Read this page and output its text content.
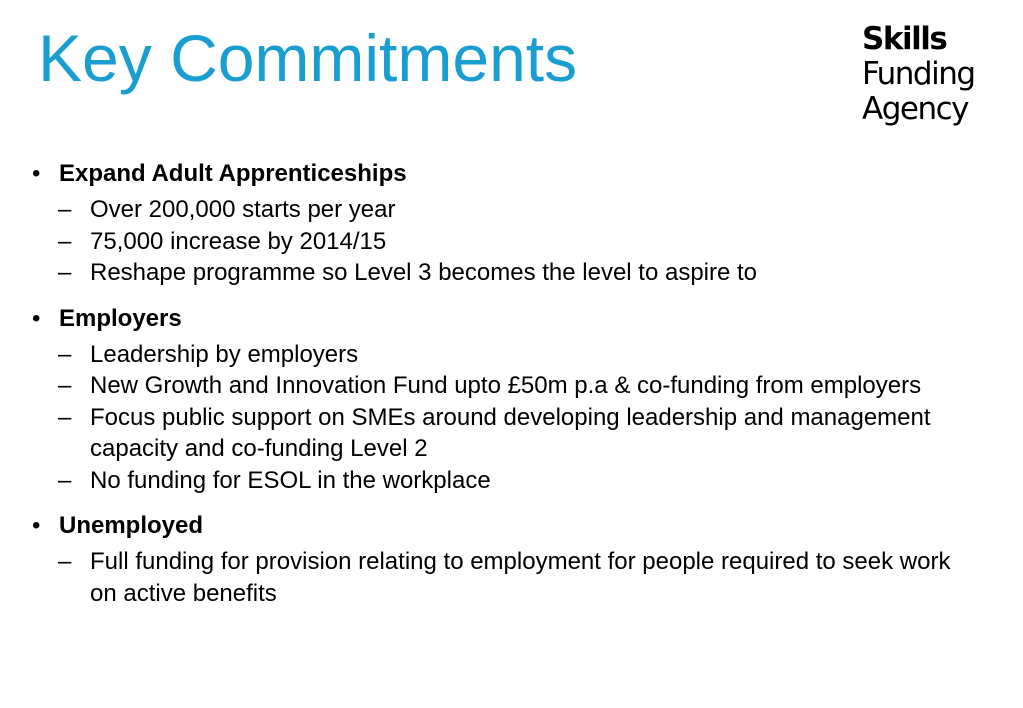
Key Commitments	Skills
Funding
Agency
• Expand Adult Apprenticeships
– Over 200,000 starts per year
– 75,000 increase by 2014/15
– Reshape programme so Level 3 becomes the level to aspire to
• Employers
– Leadership by employers
– New Growth and Innovation Fund upto £50m p.a & co-funding from employers
– Focus public support on SMEs around developing leadership and management capacity and co-funding Level 2
– No funding for ESOL in the workplace
• Unemployed
– Full funding for provision relating to employment for people required to seek work on active benefits
